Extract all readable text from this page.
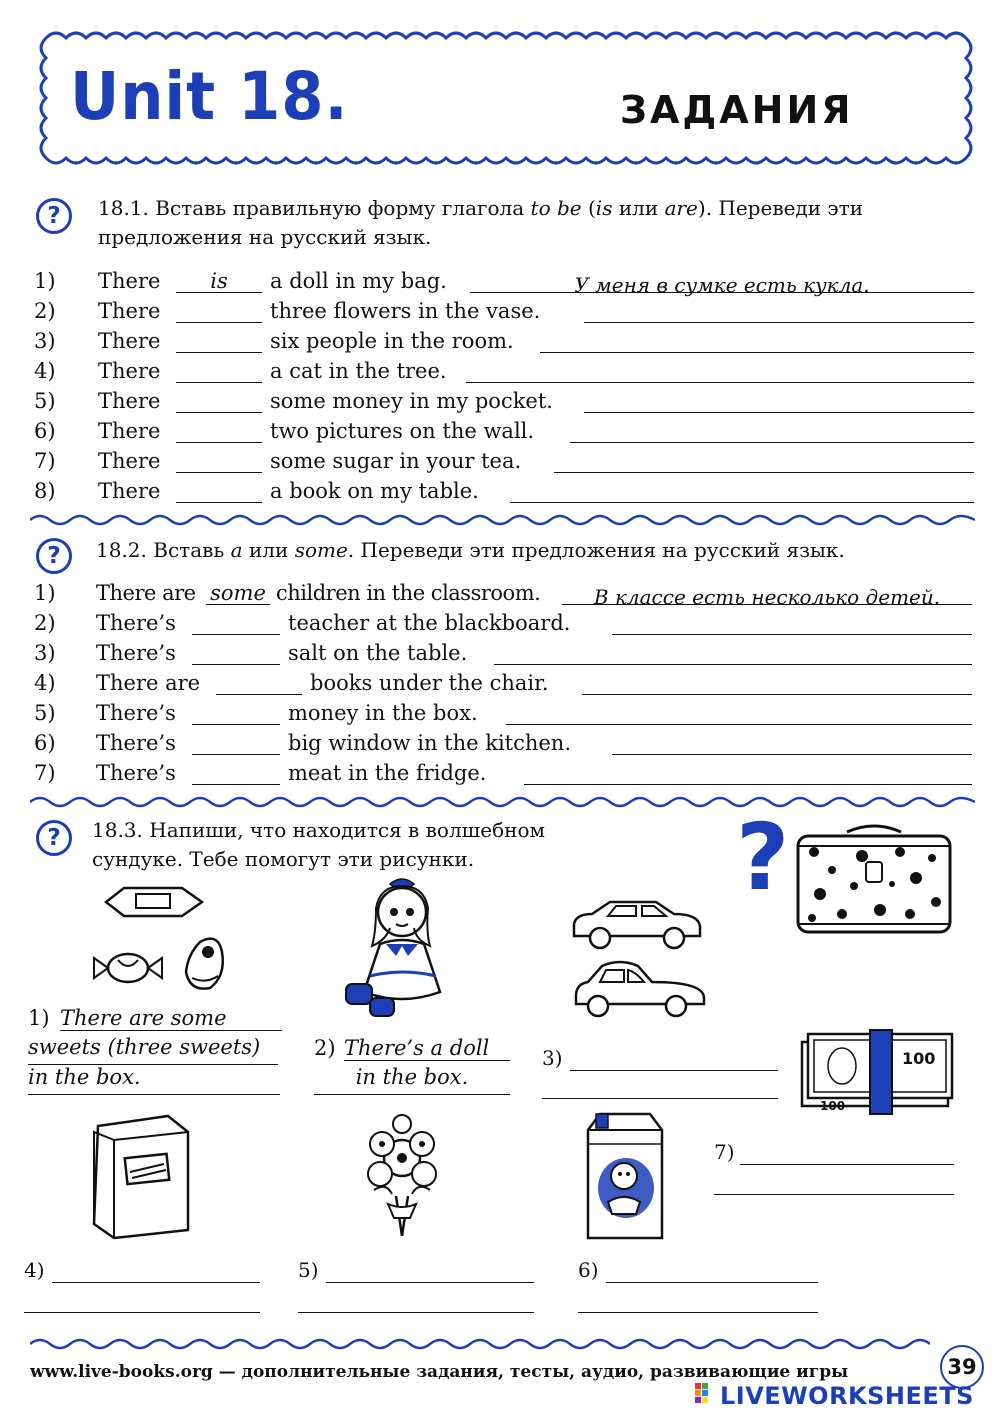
Unit 18.	ЗАДАНИЯ
?	18.1. Вставь правильную форму глагола to be (is или are). Переведи эти
предложения на русский язык.
1) There	is	a doll in my bag.	У меня в сумке есть кукла.
2) There	three flowers in the vase.
3) There	six people in the room.
4) There	a cat in the tree.
5) There	some money in my pocket.
6) There	two pictures on the wall.
7) There	some sugar in your tea.
8) There	a book on my table.
?	18.2. Вставь a или some. Переведи эти предложения на русский язык.
1) There are some children in the classroom.	В классе есть несколько детей.
2) There’s	teacher at the blackboard.
3) There’s	salt on the table.
4) There are	books under the chair.
5) There’s	money in the box.
6) There’s	big window in the kitchen.
7) There’s	meat in the fridge.
?	18.3. Напиши, что находится в волшебном
сундуке. Тебе помогут эти рисунки.	?
100
100
1) There are some
sweets (three sweets)
in the box.
2) There’s a doll
in the box.
3)
7)
4)	5)	6)
www.live-books.org — дополнительные задания, тесты, аудио, развивающие игры	39
LIVEWORKSHEETS
